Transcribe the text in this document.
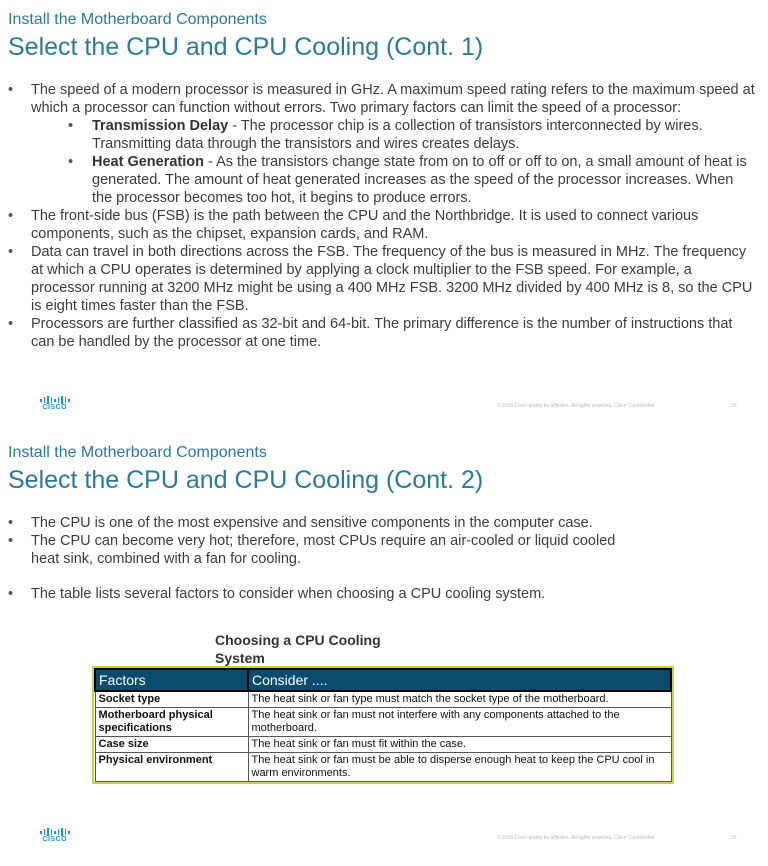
Install the Motherboard Components
Select the CPU and CPU Cooling (Cont. 1)
• The speed of a modern processor is measured in GHz. A maximum speed rating refers to the maximum speed at which a processor can function without errors. Two primary factors can limit the speed of a processor:
• Transmission Delay - The processor chip is a collection of transistors interconnected by wires. Transmitting data through the transistors and wires creates delays.
• Heat Generation - As the transistors change state from on to off or off to on, a small amount of heat is generated. The amount of heat generated increases as the speed of the processor increases. When the processor becomes too hot, it begins to produce errors.
• The front-side bus (FSB) is the path between the CPU and the Northbridge. It is used to connect various components, such as the chipset, expansion cards, and RAM.
• Data can travel in both directions across the FSB. The frequency of the bus is measured in MHz. The frequency at which a CPU operates is determined by applying a clock multiplier to the FSB speed. For example, a processor running at 3200 MHz might be using a 400 MHz FSB. 3200 MHz divided by 400 MHz is 8, so the CPU is eight times faster than the FSB.
• Processors are further classified as 32-bit and 64-bit. The primary difference is the number of instructions that can be handled by the processor at one time.
CISCO	© 2016 Cisco and/or its affiliates. All rights reserved. Cisco Confidential	25
Install the Motherboard Components
Select the CPU and CPU Cooling (Cont. 2)
• The CPU is one of the most expensive and sensitive components in the computer case.
• The CPU can become very hot; therefore, most CPUs require an air-cooled or liquid cooled heat sink, combined with a fan for cooling.
• The table lists several factors to consider when choosing a CPU cooling system.
Choosing a CPU Cooling System
Factors	Consider ....
Socket type	The heat sink or fan type must match the socket type of the motherboard.
Motherboard physical specifications	The heat sink or fan must not interfere with any components attached to the motherboard.
Case size	The heat sink or fan must fit within the case.
Physical environment	The heat sink or fan must be able to disperse enough heat to keep the CPU cool in warm environments.
CISCO	© 2016 Cisco and/or its affiliates. All rights reserved. Cisco Confidential	26
